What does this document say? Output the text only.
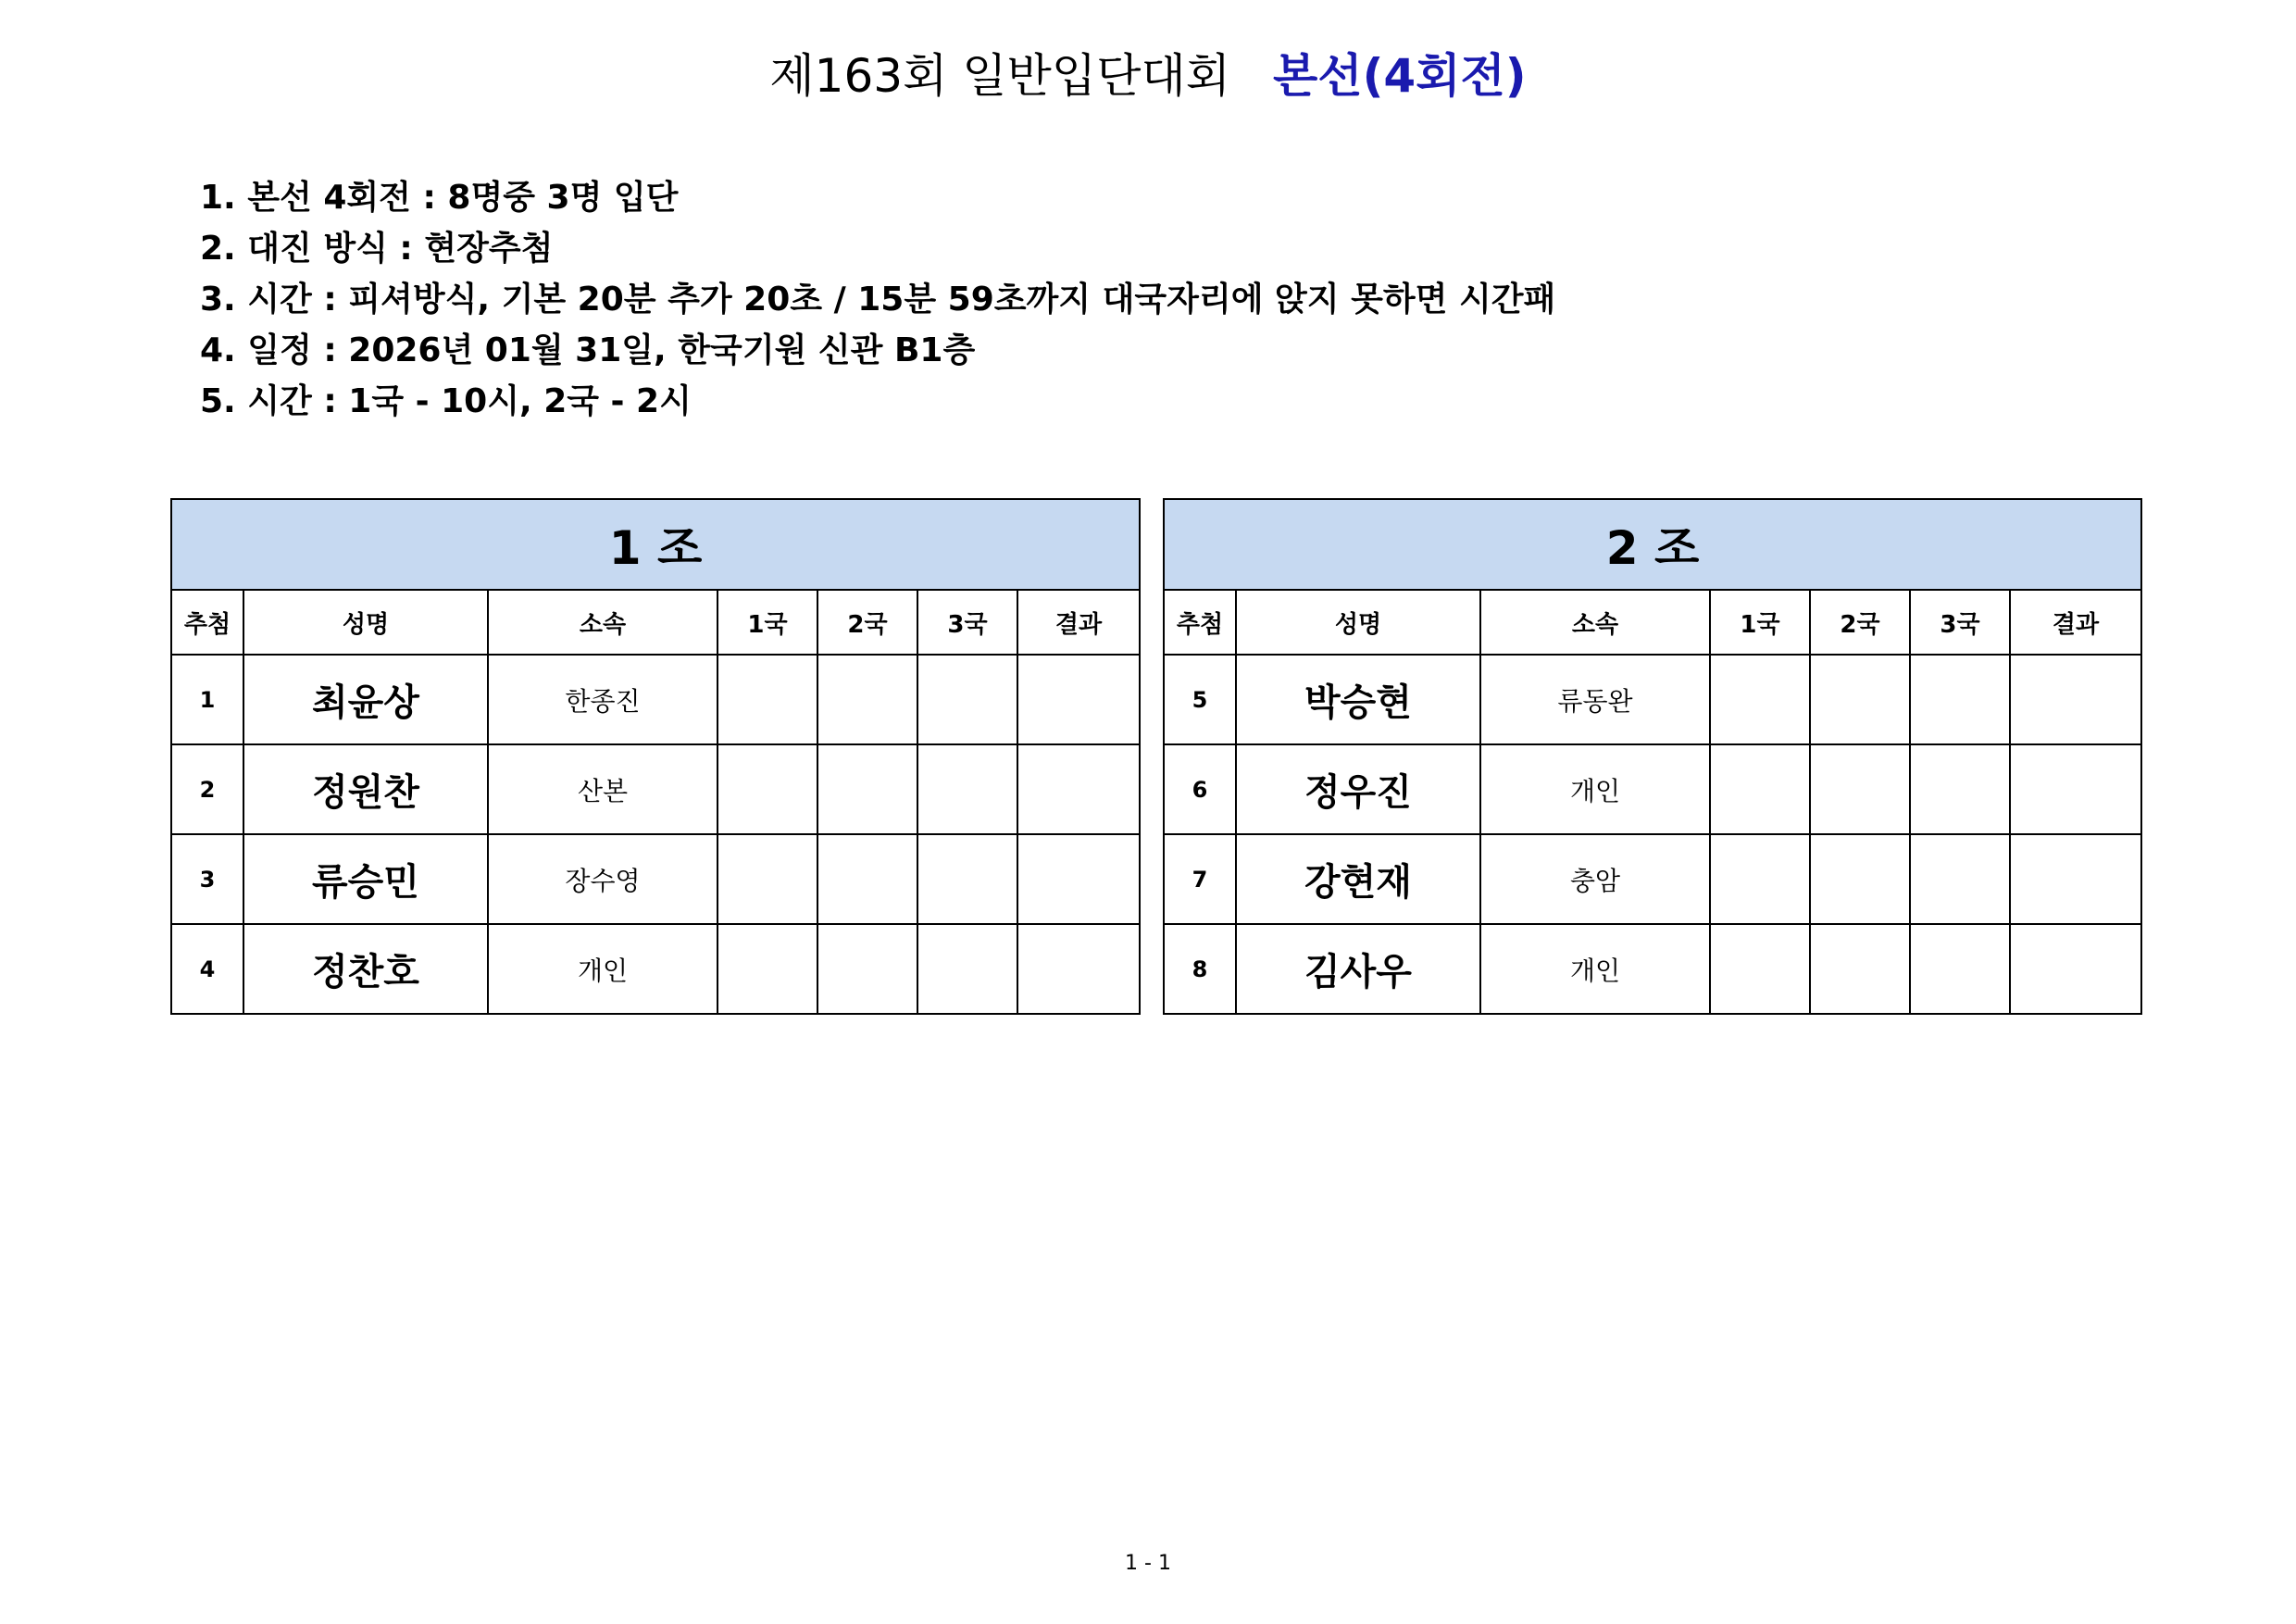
제163회 일반입단대회 본선(4회전)
1. 본선 4회전 : 8명중 3명 입단
2. 대진 방식 : 현장추첨
3. 시간 : 피셔방식, 기본 20분 추가 20초 / 15분 59초까지 대국자리에 앉지 못하면 시간패
4. 일정 : 2026년 01월 31일, 한국기원 신관 B1층
5. 시간 : 1국 - 10시, 2국 - 2시
1 조						
추첨	성명	소속	1국	2국	3국	결과
1	최윤상	한종진				
2	정원찬	산본				
3	류승민	장수영				
4	정찬호	개인				
2 조						
추첨	성명	소속	1국	2국	3국	결과
5	박승현	류동완				
6	정우진	개인				
7	강현재	충암				
8	김사우	개인				
1 - 1
